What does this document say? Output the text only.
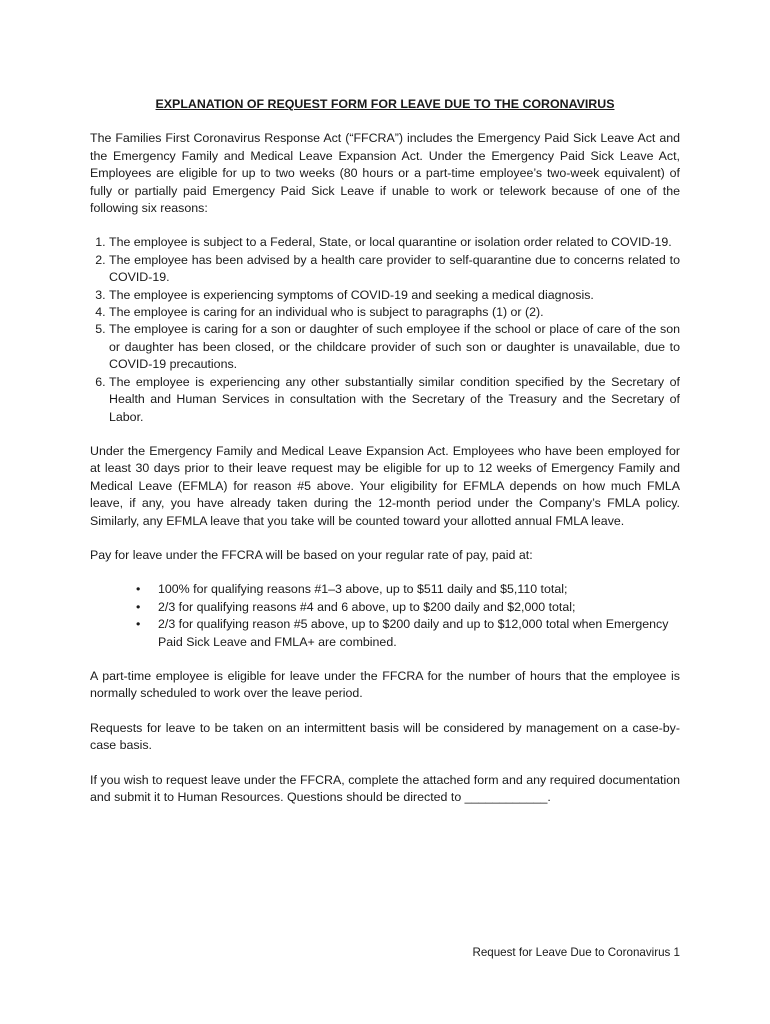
EXPLANATION OF REQUEST FORM FOR LEAVE DUE TO THE CORONAVIRUS

The Families First Coronavirus Response Act (“FFCRA”) includes the Emergency Paid Sick Leave Act and the Emergency Family and Medical Leave Expansion Act. Under the Emergency Paid Sick Leave Act, Employees are eligible for up to two weeks (80 hours or a part-time employee’s two-week equivalent) of fully or partially paid Emergency Paid Sick Leave if unable to work or telework because of one of the following six reasons:

1. The employee is subject to a Federal, State, or local quarantine or isolation order related to COVID-19.
2. The employee has been advised by a health care provider to self-quarantine due to concerns related to COVID-19.
3. The employee is experiencing symptoms of COVID-19 and seeking a medical diagnosis.
4. The employee is caring for an individual who is subject to paragraphs (1) or (2).
5. The employee is caring for a son or daughter of such employee if the school or place of care of the son or daughter has been closed, or the childcare provider of such son or daughter is unavailable, due to COVID-19 precautions.
6. The employee is experiencing any other substantially similar condition specified by the Secretary of Health and Human Services in consultation with the Secretary of the Treasury and the Secretary of Labor.

Under the Emergency Family and Medical Leave Expansion Act. Employees who have been employed for at least 30 days prior to their leave request may be eligible for up to 12 weeks of Emergency Family and Medical Leave (EFMLA) for reason #5 above. Your eligibility for EFMLA depends on how much FMLA leave, if any, you have already taken during the 12-month period under the Company’s FMLA policy. Similarly, any EFMLA leave that you take will be counted toward your allotted annual FMLA leave.

Pay for leave under the FFCRA will be based on your regular rate of pay, paid at:

• 100% for qualifying reasons #1–3 above, up to $511 daily and $5,110 total;
• 2/3 for qualifying reasons #4 and 6 above, up to $200 daily and $2,000 total;
• 2/3 for qualifying reason #5 above, up to $200 daily and up to $12,000 total when Emergency Paid Sick Leave and FMLA+ are combined.

A part-time employee is eligible for leave under the FFCRA for the number of hours that the employee is normally scheduled to work over the leave period.

Requests for leave to be taken on an intermittent basis will be considered by management on a case-by-case basis.

If you wish to request leave under the FFCRA, complete the attached form and any required documentation and submit it to Human Resources. Questions should be directed to ____________.

Request for Leave Due to Coronavirus 1
